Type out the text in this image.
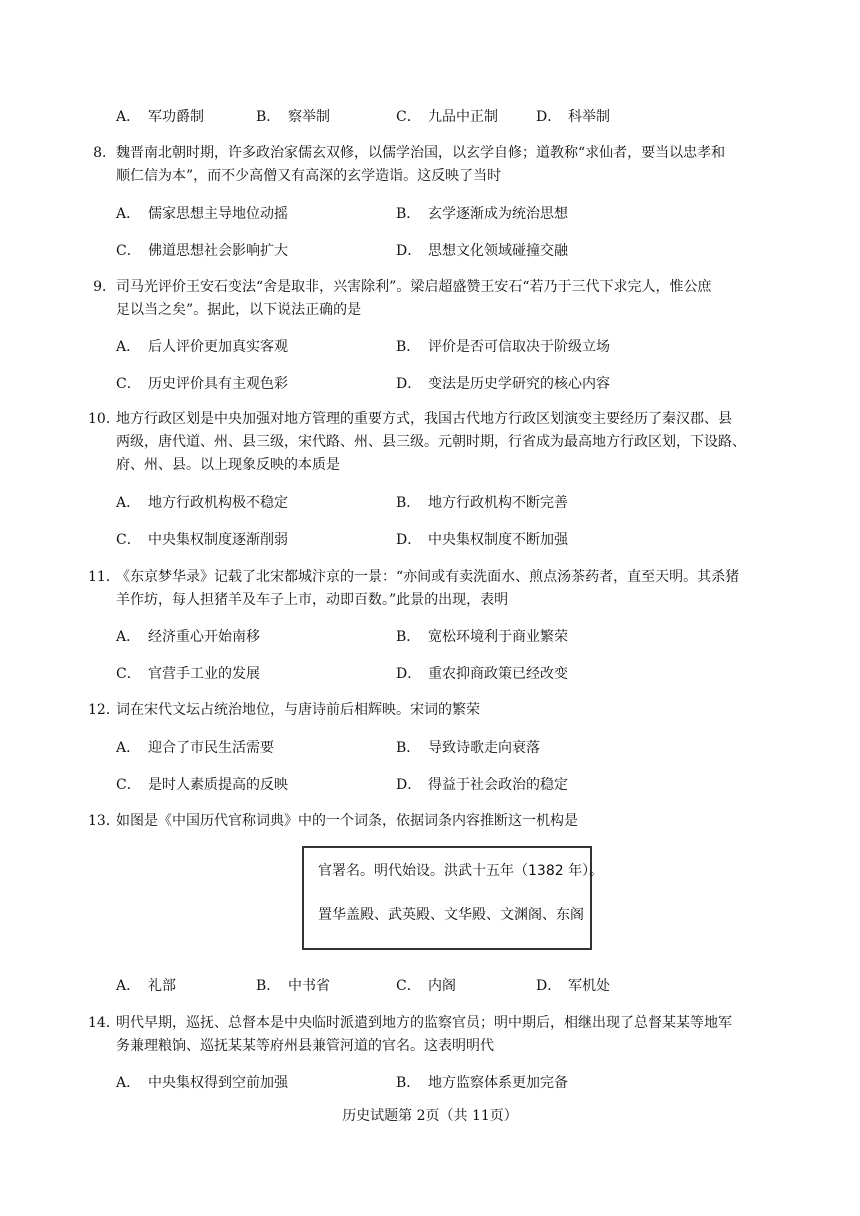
A． 军功爵制	B． 察举制	C． 九品中正制	D． 科举制
8． 魏晋南北朝时期，许多政治家儒玄双修，以儒学治国，以玄学自修；道教称“求仙者，要当以忠孝和
顺仁信为本”，而不少高僧又有高深的玄学造诣。这反映了当时
A． 儒家思想主导地位动摇	B． 玄学逐渐成为统治思想
C． 佛道思想社会影响扩大	D． 思想文化领域碰撞交融
9． 司马光评价王安石变法“舍是取非，兴害除利”。梁启超盛赞王安石“若乃于三代下求完人，惟公庶
足以当之矣”。据此，以下说法正确的是
A． 后人评价更加真实客观	B． 评价是否可信取决于阶级立场
C． 历史评价具有主观色彩	D． 变法是历史学研究的核心内容
10．
地方行政区划是中央加强对地方管理的重要方式，我国古代地方行政区划演变主要经历了秦汉郡、县
两级，唐代道、州、县三级，宋代路、州、县三级。元朝时期，行省成为最高地方行政区划，下设路、
府、州、县。以上现象反映的本质是
A． 地方行政机构极不稳定	B． 地方行政机构不断完善
C． 中央集权制度逐渐削弱	D． 中央集权制度不断加强
11．
《东京梦华录》记载了北宋都城汴京的一景：“亦间或有卖洗面水、煎点汤茶药者，直至天明。其杀猪
羊作坊，每人担猪羊及车子上市，动即百数。”此景的出现，表明
A． 经济重心开始南移	B． 宽松环境利于商业繁荣
C． 官营手工业的发展	D． 重农抑商政策已经改变
12．
词在宋代文坛占统治地位，与唐诗前后相辉映。宋词的繁荣
A． 迎合了市民生活需要	B． 导致诗歌走向衰落
C． 是时人素质提高的反映	D． 得益于社会政治的稳定
13．
如图是《中国历代官称词典》中的一个词条，依据词条内容推断这一机构是
官署名。明代始设。洪武十五年（1382 年）。
置华盖殿、武英殿、文华殿、文渊阁、东阁
A． 礼部	B． 中书省	C． 内阁	D． 军机处
14．
明代早期，巡抚、总督本是中央临时派遣到地方的监察官员；明中期后，相继出现了总督某某等地军
务兼理粮饷、巡抚某某等府州县兼管河道的官名。这表明明代
A． 中央集权得到空前加强	B． 地方监察体系更加完备
历史试题第 2页（共 11页）
